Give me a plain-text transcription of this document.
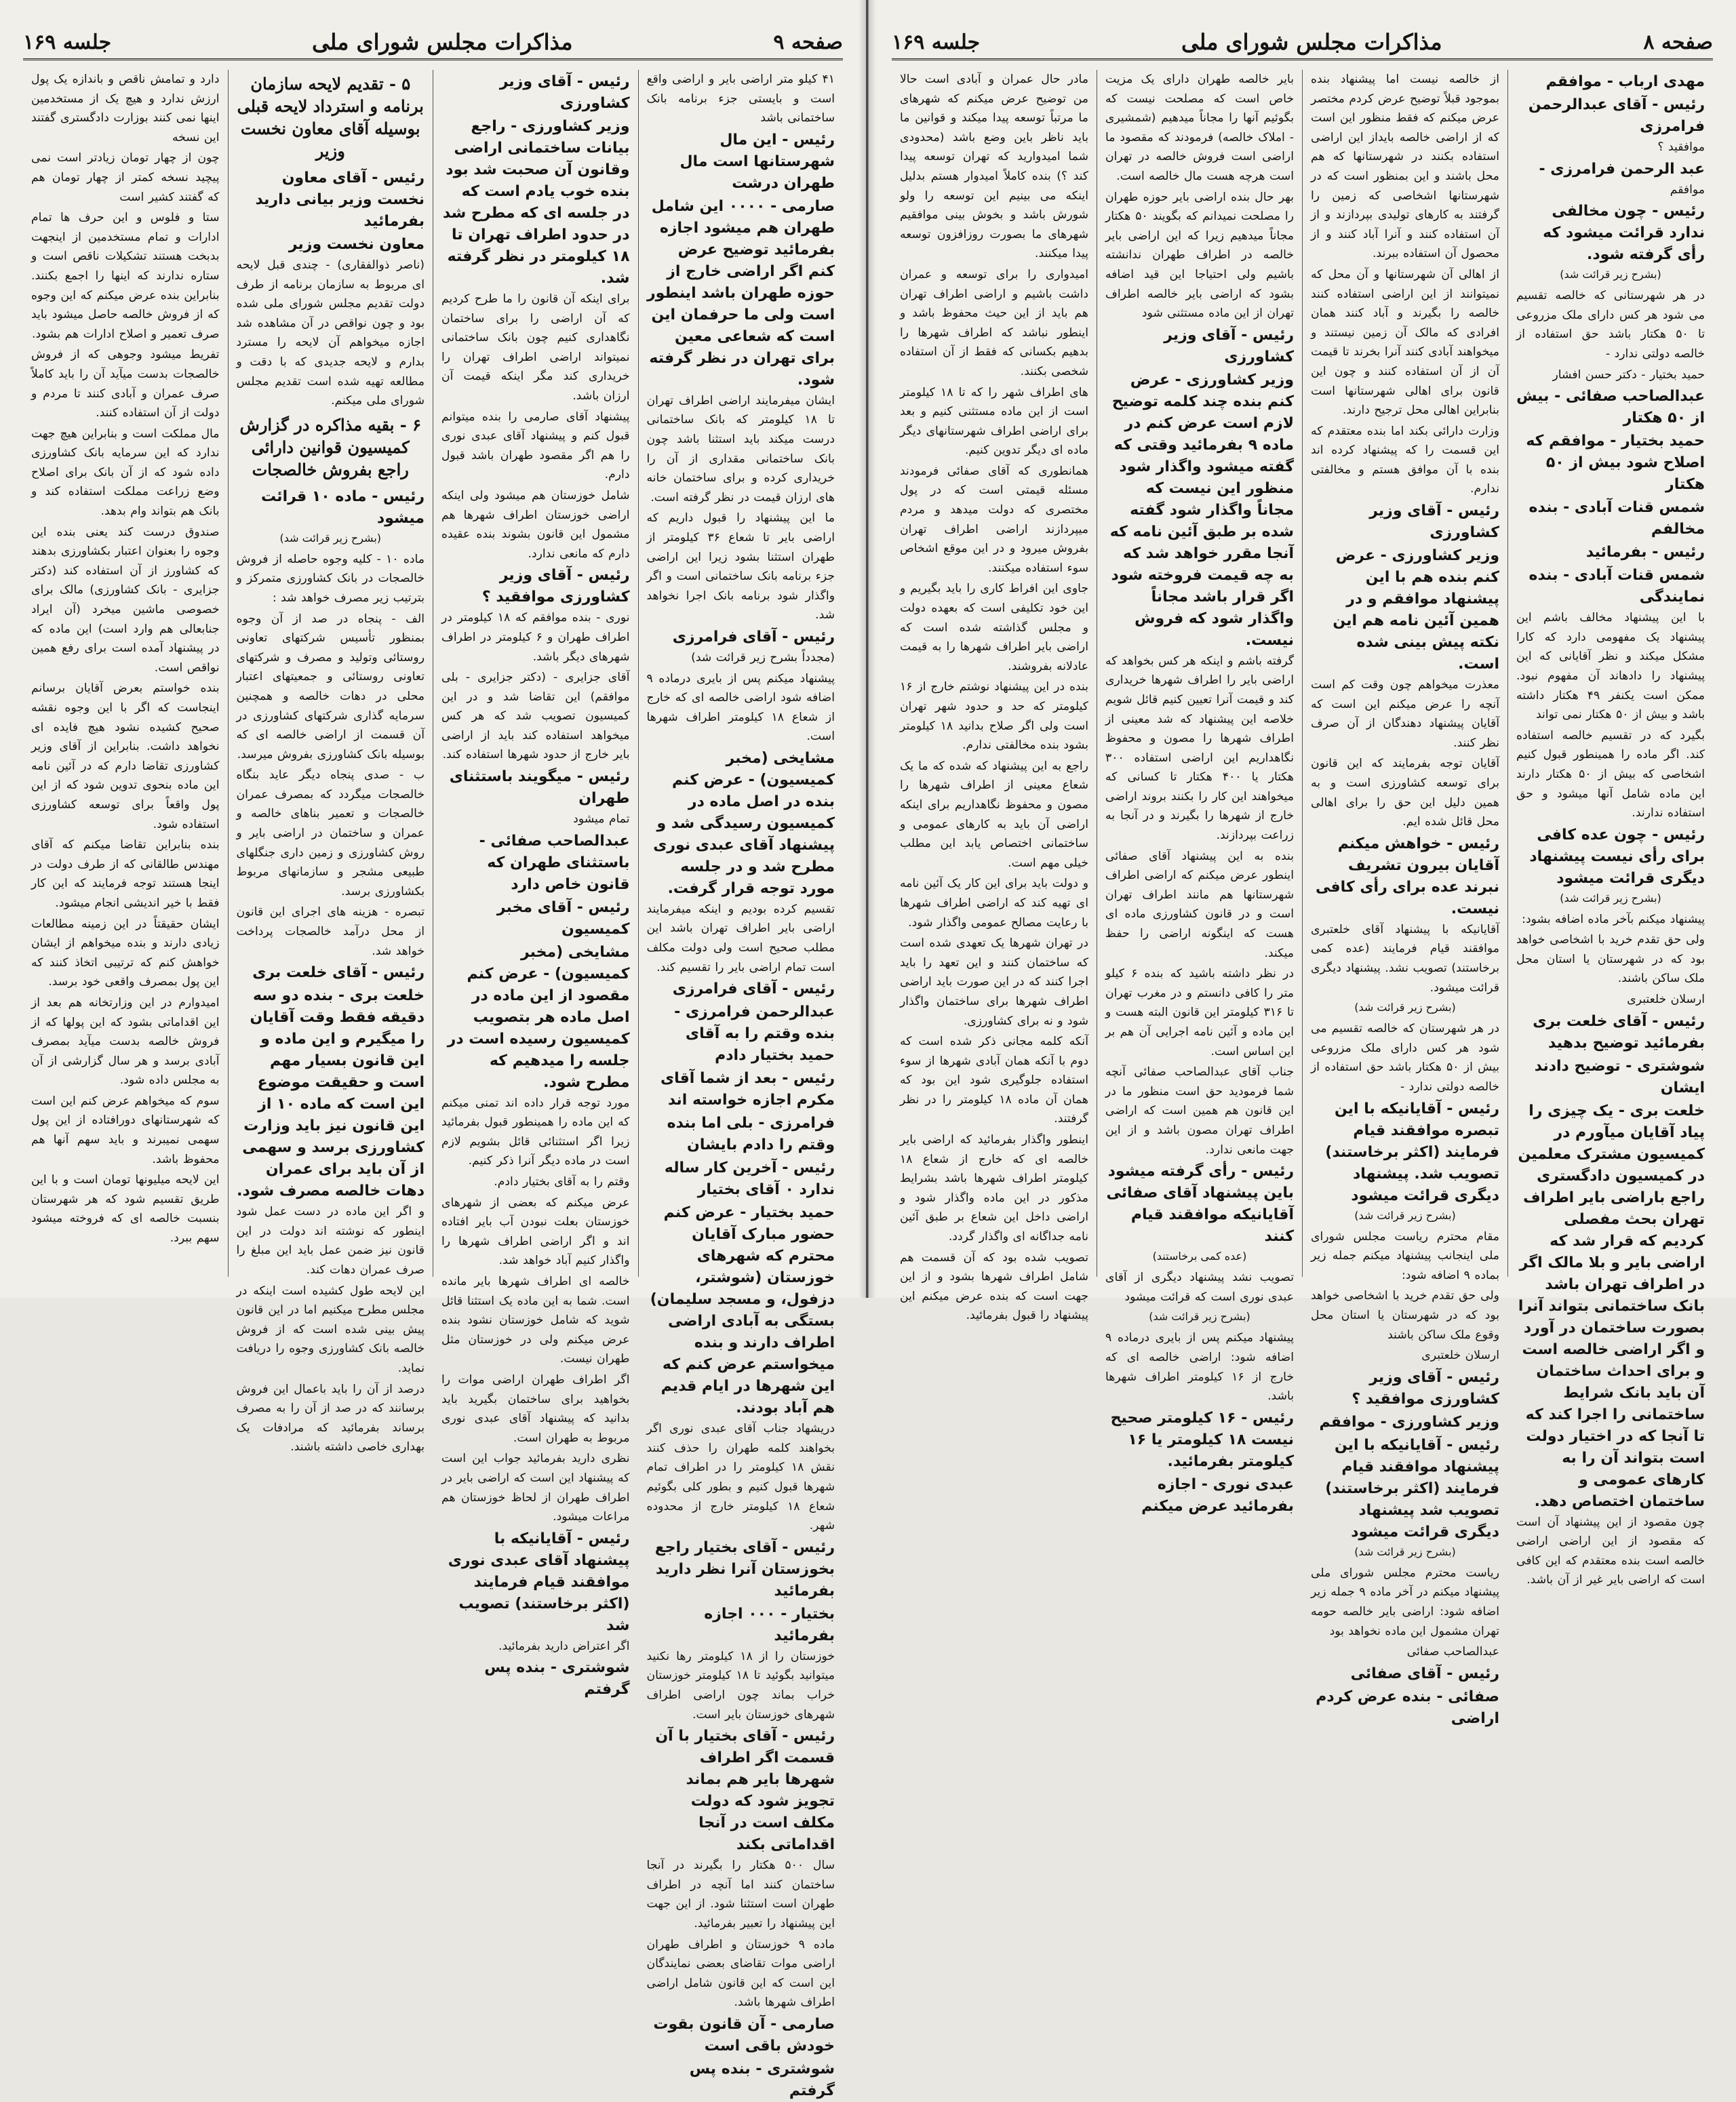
صفحه ۹
مذاکرات مجلس شورای ملی
جلسه ۱۶۹

۴۱ کیلو متر اراضی بایر و اراضی واقع است و بایستی جزء برنامه بانک ساختمانی باشد

رئیس - این مال شهرستانها است مال طهران درشت

صارمی - ۰۰۰۰ این شامل طهران هم میشود اجازه بفرمائید توضیح عرض کنم اگر اراضی خارج از حوزه طهران باشد اینطور است ولی ما حرفمان این است که شعاعی معین برای تهران در نظر گرفته شود.

ایشان میفرمایند اراضی اطراف تهران تا ۱۸ کیلومتر که بانک ساختمانی درست میکند باید استثنا باشد چون بانک ساختمانی مقداری از آن را خریداری کرده و برای ساختمان خانه های ارزان قیمت در نظر گرفته است.

ما این پیشنهاد را قبول داریم که اراضی بایر تا شعاع ۳۶ کیلومتر از طهران استثنا بشود زیرا این اراضی جزء برنامه بانک ساختمانی است و اگر واگذار شود برنامه بانک اجرا نخواهد شد.

رئیس - آقای فرامرزی

(مجدداً بشرح زیر قرائت شد)

پیشنهاد میکنم پس از بایری درماده ۹ اضافه شود اراضی خالصه ای که خارج از شعاع ۱۸ کیلومتر اطراف شهرها است.

مشایخی (مخبر کمیسیون) - عرض کنم بنده در اصل ماده در کمیسیون رسیدگی شد و پیشنهاد آقای عبدی نوری مطرح شد و در جلسه مورد توجه قرار گرفت.

تقسیم کرده بودیم و اینکه میفرمایند اراضی بایر اطراف تهران باشد این مطلب صحیح است ولی دولت مکلف است تمام اراضی بایر را تقسیم کند.

رئیس - آقای فرامرزی

عبدالرحمن فرامرزی - بنده وقتم را به آقای حمید بختیار دادم

رئیس - بعد از شما آقای مکرم اجازه خواسته اند

فرامرزی - بلی اما بنده وقتم را دادم بایشان

رئیس - آخرین کار ساله ندارد ۰ آقای بختیار

حمید بختیار - عرض کنم حضور مبارک آقایان محترم که شهرهای خوزستان (شوشتر، دزفول، و مسجد سلیمان) بستگی به آبادی اراضی اطراف دارند و بنده میخواستم عرض کنم که این شهرها در ایام قدیم هم آباد بودند.

دریشهاد جناب آقای عبدی نوری اگر بخواهند کلمه طهران را حذف کنند نقش ۱۸ کیلومتر را در اطراف تمام شهرها قبول کنیم و بطور کلی بگوئیم شعاع ۱۸ کیلومتر خارج از محدوده شهر.

رئیس - آقای بختیار راجع بخوزستان آنرا نظر دارید بفرمائید

بختیار - ۰۰۰ اجازه بفرمائید

خوزستان را از ۱۸ کیلومتر رها نکنید میتوانید بگوئید تا ۱۸ کیلومتر خوزستان خراب بماند چون اراضی اطراف شهرهای خوزستان بایر است.

رئیس - آقای بختیار با آن قسمت اگر اطراف شهرها بایر هم بماند تجویز شود که دولت مکلف است در آنجا اقداماتی بکند

سال ۵۰۰ هکتار را بگیرند در آنجا ساختمان کنند اما آنچه در اطراف طهران است استثنا شود. از این جهت این پیشنهاد را تعبیر بفرمائید.

ماده ۹ خوزستان و اطراف طهران اراضی موات تقاضای بعضی نمایندگان این است که این قانون شامل اراضی اطراف شهرها باشد.

صارمی - آن قانون بقوت خودش باقی است

شوشتری - بنده پس گرفتم

رئیس - آقای وزیر کشاورزی

وزیر کشاورزی - راجع بیانات ساختمانی اراضی وقانون آن صحبت شد بود بنده خوب یادم است که در جلسه ای که مطرح شد در حدود اطراف تهران تا ۱۸ کیلومتر در نظر گرفته شد.

برای اینکه آن قانون را ما طرح کردیم که آن اراضی را برای ساختمان نگاهداری کنیم چون بانک ساختمانی نمیتواند اراضی اطراف تهران را خریداری کند مگر اینکه قیمت آن ارزان باشد.

پیشنهاد آقای صارمی را بنده میتوانم قبول کنم و پیشنهاد آقای عبدی نوری را هم اگر مقصود طهران باشد قبول دارم.

شامل خوزستان هم میشود ولی اینکه اراضی خوزستان اطراف شهرها هم مشمول این قانون بشوند بنده عقیده دارم که مانعی ندارد.

رئیس - آقای وزیر کشاورزی موافقید ؟

نوری - بنده موافقم که ۱۸ کیلومتر در اطراف طهران و ۶ کیلومتر در اطراف شهرهای دیگر باشد.

آقای جزایری - (دکتر جزایری - بلی موافقم) این تقاضا شد و در این کمیسیون تصویب شد که هر کس میخواهد استفاده کند باید از اراضی بایر خارج از حدود شهرها استفاده کند.

رئیس - میگویند باستثنای طهران

تمام میشود

عبدالصاحب صفائی - باستثنای طهران که قانون خاص دارد

رئیس - آقای مخبر کمیسیون

مشایخی (مخبر کمیسیون) - عرض کنم مقصود از این ماده در اصل ماده هر بتصویب کمیسیون رسیده است در جلسه را میدهیم که مطرح شود.

مورد توجه قرار داده اند تمنی میکنم که این ماده را همینطور قبول بفرمائید زیرا اگر استثنائی قائل بشویم لازم است در ماده دیگر آنرا ذکر کنیم.

وقتم را به آقای بختیار دادم.

عرض میکنم که بعضی از شهرهای خوزستان بعلت نبودن آب بایر افتاده اند و اگر اراضی اطراف شهرها را واگذار کنیم آباد خواهد شد.

خالصه ای اطراف شهرها بایر مانده است. شما به این ماده یک استثنا قائل شوید که شامل خوزستان نشود بنده عرض میکنم ولی در خوزستان مثل طهران نیست.

اگر اطراف طهران اراضی موات را بخواهید برای ساختمان بگیرید باید بدانید که پیشنهاد آقای عبدی نوری مربوط به طهران است.

نظری دارید بفرمائید جواب این است که پیشنهاد این است که اراضی بایر در اطراف طهران از لحاظ خوزستان هم مراعات میشود.

رئیس - آقایانیکه با پیشنهاد آقای عبدی نوری موافقند قیام فرمایند (اکثر برخاستند) تصویب شد

اگر اعتراض دارید بفرمائید.

شوشتری - بنده پس گرفتم

۵ - تقدیم لایحه سازمان برنامه و استرداد لایحه قبلی بوسیله آقای معاون نخست وزیر

رئیس - آقای معاون نخست وزیر بیانی دارید بفرمائید

معاون نخست وزیر

(ناصر ذوالفقاری) - چندی قبل لایحه ای مربوط به سازمان برنامه از طرف دولت تقدیم مجلس شورای ملی شده بود و چون نواقص در آن مشاهده شد اجازه میخواهم آن لایحه را مسترد بدارم و لایحه جدیدی که با دقت و مطالعه تهیه شده است تقدیم مجلس شورای ملی میکنم.

۶ - بقیه مذاکره در گزارش کمیسیون قوانین دارائی راجع بفروش خالصجات

رئیس - ماده ۱۰ قرائت میشود

(بشرح زیر قرائت شد)

ماده ۱۰ - کلیه وجوه حاصله از فروش خالصجات در بانک کشاورزی متمرکز و بترتیب زیر مصرف خواهد شد :

الف - پنجاه در صد از آن وجوه بمنظور تأسیس شرکتهای تعاونی روستائی وتولید و مصرف و شرکتهای تعاونی روستائی و جمعیتهای اعتبار محلی در دهات خالصه و همچنین سرمایه گذاری شرکتهای کشاورزی در آن قسمت از اراضی خالصه ای که بوسیله بانک کشاورزی بفروش میرسد.

ب - صدی پنجاه دیگر عاید بنگاه خالصجات میگردد که بمصرف عمران خالصجات و تعمیر بناهای خالصه و عمران و ساختمان در اراضی بایر و روش کشاورزی و زمین داری جنگلهای طبیعی مشجر و سازمانهای مربوط بکشاورزی برسد.

تبصره - هزینه های اجرای این قانون از محل درآمد خالصجات پرداخت خواهد شد.

رئیس - آقای خلعت بری

خلعت بری - بنده دو سه دقیقه فقط وقت آقایان را میگیرم و این ماده و این قانون بسیار مهم است و حقیقت موضوع این است که ماده ۱۰ از این قانون نیز باید وزارت کشاورزی برسد و سهمی از آن باید برای عمران دهات خالصه مصرف شود.

و اگر این ماده در دست عمل شود اینطور که نوشته اند دولت در این قانون نیز ضمن عمل باید این مبلغ را صرف عمران دهات کند.

این لایحه طول کشیده است اینکه در مجلس مطرح میکنیم اما در این قانون پیش بینی شده است که از فروش خالصه بانک کشاورزی وجوه را دریافت نماید.

درصد از آن را باید باعمال این فروش برسانند که در صد از آن را به مصرف برساند بفرمائید که مرادفات یک بهداری خاصی داشته باشند.

دارد و تمامش ناقص و باندازه یک پول ارزش ندارد و هیچ یک از مستخدمین اینها نمی کنند بوزارت دادگستری گفتند این نسخه

چون از چهار تومان زیادتر است نمی پیچید نسخه کمتر از چهار تومان هم که گفتند کشیر است

ستا و فلوس و این حرف ها تمام ادارات و تمام مستخدمین از اینجهت بدبخت هستند تشکیلات ناقص است و ستاره ندارند که اینها را اجمع بکنند. بنابراین بنده عرض میکنم که این وجوه که از فروش خالصه حاصل میشود باید صرف تعمیر و اصلاح ادارات هم بشود.

تفریط میشود وجوهی که از فروش خالصجات بدست میآید آن را باید کاملاً صرف عمران و آبادی کنند تا مردم و دولت از آن استفاده کنند.

مال مملکت است و بنابراین هیچ جهت ندارد که این سرمایه بانک کشاورزی داده شود که از آن بانک برای اصلاح وضع زراعت مملکت استفاده کند و بانک هم بتواند وام بدهد.

صندوق درست کند یعنی بنده این وجوه را بعنوان اعتبار بکشاورزی بدهند که کشاورز از آن استفاده کند (دکتر جزایری - بانک کشاورزی) مالک برای خصوصی ماشین میخرد (آن ایراد جنابعالی هم وارد است) این ماده که در پیشنهاد آمده است برای رفع همین نواقص است.

بنده خواستم بعرض آقایان برسانم اینجاست که اگر با این وجوه نقشه صحیح کشیده نشود هیچ فایده ای نخواهد داشت. بنابراین از آقای وزیر کشاورزی تقاضا دارم که در آئین نامه این ماده بنحوی تدوین شود که از این پول واقعاً برای توسعه کشاورزی استفاده شود.

بنده بنابراین تقاضا میکنم که آقای مهندس طالقانی که از طرف دولت در اینجا هستند توجه فرمایند که این کار فقط با خیر اندیشی انجام میشود.

ایشان حقیقتاً در این زمینه مطالعات زیادی دارند و بنده میخواهم از ایشان خواهش کنم که ترتیبی اتخاذ کنند که این پول بمصرف واقعی خود برسد.

امیدوارم در این وزارتخانه هم بعد از این اقداماتی بشود که این پولها که از فروش خالصه بدست میآید بمصرف آبادی برسد و هر سال گزارشی از آن به مجلس داده شود.

سوم که میخواهم عرض کنم این است که شهرستانهای دورافتاده از این پول سهمی نمیبرند و باید سهم آنها هم محفوظ باشد.

این لایحه میلیونها تومان است و با این طریق تقسیم شود که هر شهرستان بنسبت خالصه ای که فروخته میشود سهم ببرد.

صفحه ۸
مذاکرات مجلس شورای ملی
جلسه ۱۶۹

مهدی ارباب - موافقم

رئیس - آقای عبدالرحمن فرامرزی

موافقید ؟

عبد الرحمن فرامرزی -

موافقم

رئیس - چون مخالفی ندارد قرائت میشود که رأی گرفته شود.

(بشرح زیر قرائت شد)

در هر شهرستانی که خالصه تقسیم می شود هر کس دارای ملک مزروعی تا ۵۰ هکتار باشد حق استفاده از خالصه دولتی ندارد -

حمید بختیار - دکتر حسن افشار

عبدالصاحب صفائی - بیش از ۵۰ هکتار

حمید بختیار - موافقم که اصلاح شود بیش از ۵۰ هکتار

شمس قنات آبادی - بنده مخالفم

رئیس - بفرمائید

شمس قنات آبادی - بنده نمایندگی

با این پیشنهاد مخالف باشم این پیشنهاد یک مفهومی دارد که کارا مشکل میکند و نظر آقایانی که این پیشنهاد را دادهاند آن مفهوم نبود. ممکن است یکنفر ۴۹ هکتار داشته باشد و بیش از ۵۰ هکتار نمی تواند

بگیرد که در تقسیم خالصه استفاده کند. اگر ماده را همینطور قبول کنیم اشخاصی که بیش از ۵۰ هکتار دارند این ماده شامل آنها میشود و حق استفاده ندارند.

رئیس - چون عده کافی برای رأی نیست پیشنهاد دیگری قرائت میشود

(بشرح زیر قرائت شد)

پیشنهاد میکنم بآخر ماده اضافه بشود:

ولی حق تقدم خرید با اشخاصی خواهد بود که در شهرستان یا استان محل ملک ساکن باشند.

ارسلان خلعتبری

رئیس - آقای خلعت بری بفرمائید توضیح بدهید

شوشتری - توضیح دادند ایشان

خلعت بری - یک چیزی را پیاد آقایان میآورم در کمیسیون مشترک معلمین در کمیسیون دادگستری راجع باراضی بایر اطراف تهران بحث مفصلی کردیم که قرار شد که اراضی بایر و بلا مالک اگر در اطراف تهران باشد بانک ساختمانی بتواند آنرا بصورت ساختمان در آورد و اگر اراضی خالصه است و برای احداث ساختمان آن باید بانک شرایط ساختمانی را اجرا کند که تا آنجا که در اختیار دولت است بتواند آن را به کارهای عمومی و ساختمان اختصاص دهد.

چون مقصود از این پیشنهاد آن است که مقصود از این اراضی اراضی خالصه است بنده معتقدم که این کافی است که اراضی بایر غیر از آن باشد.

از خالصه نیست اما پیشنهاد بنده بموجود قبلاً توضیح عرض کردم مختصر عرض میکنم که فقط منظور این است که از اراضی خالصه بایداز این اراضی استفاده بکنند در شهرستانها که هم محل باشند و این بمنظور است که در شهرستانها اشخاصی که زمین را گرفتند به کارهای تولیدی بپردازند و از آن استفاده کنند و آنرا آباد کنند و از محصول آن استفاده ببرند.

از اهالی آن شهرستانها و آن محل که نمیتوانند از این اراضی استفاده کنند خالصه را بگیرند و آباد کنند همان افرادی که مالک آن زمین نیستند و میخواهند آبادی کنند آنرا بخرند تا قیمت آن از آن استفاده کنند و چون این قانون برای اهالی شهرستانها است بنابراین اهالی محل ترجیح دارند.

وزارت دارائی بکند اما بنده معتقدم که این قسمت را که پیشنهاد کرده اند بنده با آن موافق هستم و مخالفتی ندارم.

رئیس - آقای وزیر کشاورزی

وزیر کشاورزی - عرض کنم بنده هم با این پیشنهاد موافقم و در همین آئین نامه هم این نکته پیش بینی شده است.

معذرت میخواهم چون وقت کم است آنچه را عرض میکنم این است که آقایان پیشنهاد دهندگان از آن صرف نظر کنند.

آقایان توجه بفرمایند که این قانون برای توسعه کشاورزی است و به همین دلیل این حق را برای اهالی محل قائل شده ایم.

رئیس - خواهش میکنم آقایان بیرون تشریف نبرند عده برای رأی کافی نیست.

آقایانیکه با پیشنهاد آقای خلعتبری موافقند قیام فرمایند (عده کمی برخاستند) تصویب نشد. پیشنهاد دیگری قرائت میشود.

(بشرح زیر قرائت شد)

در هر شهرستان که خالصه تقسیم می شود هر کس دارای ملک مزروعی بیش از ۵۰ هکتار باشد حق استفاده از خالصه دولتی ندارد -

رئیس - آقایانیکه با این تبصره موافقند قیام فرمایند (اکثر برخاستند) تصویب شد. پیشنهاد دیگری قرائت میشود

(بشرح زیر قرائت شد)

مقام محترم ریاست مجلس شورای ملی اینجانب پیشنهاد میکنم جمله زیر بماده ۹ اضافه شود:

ولی حق تقدم خرید با اشخاصی خواهد بود که در شهرستان یا استان محل وقوع ملک ساکن باشند

ارسلان خلعتبری

رئیس - آقای وزیر کشاورزی موافقید ؟

وزیر کشاورزی - موافقم

رئیس - آقایانیکه با این پیشنهاد موافقند قیام فرمایند (اکثر برخاستند) تصویب شد پیشنهاد دیگری قرائت میشود

(بشرح زیر قرائت شد)

ریاست محترم مجلس شورای ملی پیشنهاد میکنم در آخر ماده ۹ جمله زیر اضافه شود: اراضی بایر خالصه حومه تهران مشمول این ماده نخواهد بود

عبدالصاحب صفائی

رئیس - آقای صفائی

صفائی - بنده عرض کردم اراضی

بایر خالصه طهران دارای یک مزیت خاص است که مصلحت نیست که بگوئیم آنها را مجاناً میدهیم (شمشیری - املاک خالصه) فرمودند که مقصود ما اراضی است فروش خالصه در تهران است هرچه هست مال خالصه است.

بهر حال بنده اراضی بایر حوزه طهران را مصلحت نمیدانم که بگویند ۵۰ هکتار مجاناً میدهیم زیرا که این اراضی بایر خالصه در اطراف طهران ندانشته باشیم ولی احتیاجا این قید اضافه بشود که اراضی بایر خالصه اطراف تهران از این ماده مستثنی شود

رئیس - آقای وزیر کشاورزی

وزیر کشاورزی - عرض کنم بنده چند کلمه توضیح لازم است عرض کنم در ماده ۹ بفرمائید وقتی که گفته میشود واگذار شود منظور این نیست که مجاناً واگذار شود گفته شده بر طبق آئین نامه که آنجا مقرر خواهد شد که به چه قیمت فروخته شود اگر قرار باشد مجاناً واگذار شود که فروش نیست.

گرفته باشم و اینکه هر کس بخواهد که اراضی بایر را اطراف شهرها خریداری کند و قیمت آنرا تعیین کنیم قائل شویم خلاصه این پیشنهاد که شد معینی از اطراف شهرها را مصون و محفوظ نگاهداریم این اراضی استفاده ۳۰۰ هکتار یا ۴۰۰ هکتار تا کسانی که میخواهند این کار را بکنند بروند اراضی خارج از شهرها را بگیرند و در آنجا به زراعت بپردازند.

بنده به این پیشنهاد آقای صفائی اینطور عرض میکنم که اراضی اطراف شهرستانها هم مانند اطراف تهران است و در قانون کشاورزی ماده ای هست که اینگونه اراضی را حفظ میکند.

در نظر داشته باشید که بنده ۶ کیلو متر را کافی دانستم و در مغرب تهران تا ۳۱۶ کیلومتر این قانون البته هست و این ماده و آئین نامه اجرایی آن هم بر این اساس است.

جناب آقای عبدالصاحب صفائی آنچه شما فرمودید حق است منظور ما در این قانون هم همین است که اراضی اطراف تهران مصون باشد و از این جهت مانعی ندارد.

رئیس - رأی گرفته میشود باین پیشنهاد آقای صفائی آقایانیکه موافقند قیام کنند

(عده کمی برخاستند)

تصویب نشد پیشنهاد دیگری از آقای عبدی نوری است که قرائت میشود

(بشرح زیر قرائت شد)

پیشنهاد میکنم پس از بایری درماده ۹ اضافه شود: اراضی خالصه ای که خارج از ۱۶ کیلومتر اطراف شهرها باشد.

رئیس - ۱۶ کیلومتر صحیح نیست ۱۸ کیلومتر یا ۱۶ کیلومتر بفرمائید.

عبدی نوری - اجازه بفرمائید عرض میکنم

مادر حال عمران و آبادی است حالا من توضیح عرض میکنم که شهرهای ما مرتباً توسعه پیدا میکند و قوانین ما باید ناظر باین وضع باشد (محدودی شما امیدوارید که تهران توسعه پیدا کند ؟) بنده کاملاً امیدوار هستم بدلیل اینکه می بینیم این توسعه را ولو شورش باشد و بخوش بینی موافقیم شهرهای ما بصورت روزافزون توسعه پیدا میکنند.

امیدواری را برای توسعه و عمران داشت باشیم و اراضی اطراف تهران هم باید از این حیث محفوظ باشد و اینطور نباشد که اطراف شهرها را بدهیم بکسانی که فقط از آن استفاده شخصی بکنند.

های اطراف شهر را که تا ۱۸ کیلومتر است از این ماده مستثنی کنیم و بعد برای اراضی اطراف شهرستانهای دیگر ماده ای دیگر تدوین کنیم.

همانطوری که آقای صفائی فرمودند مسئله قیمتی است که در پول مختصری که دولت میدهد و مردم میپردازند اراضی اطراف تهران بفروش میرود و در این موقع اشخاص سوء استفاده میکنند.

جاوی این افراط کاری را باید بگیریم و این خود تکلیفی است که بعهده دولت و مجلس گذاشته شده است که اراضی بایر اطراف شهرها را به قیمت عادلانه بفروشند.

بنده در این پیشنهاد نوشتم خارج از ۱۶ کیلومتر که حد و حدود شهر تهران است ولی اگر صلاح بدانید ۱۸ کیلومتر بشود بنده مخالفتی ندارم.

راجع به این پیشنهاد که شده که ما یک شعاع معینی از اطراف شهرها را مصون و محفوظ نگاهداریم برای اینکه اراضی آن باید به کارهای عمومی و ساختمانی اختصاص یابد این مطلب خیلی مهم است.

و دولت باید برای این کار یک آئین نامه ای تهیه کند که اراضی اطراف شهرها با رعایت مصالح عمومی واگذار شود.

در تهران شهرها یک تعهدی شده است که ساختمان کنند و این تعهد را باید اجرا کنند که در این صورت باید اراضی اطراف شهرها برای ساختمان واگذار شود و نه برای کشاورزی.

آنکه کلمه مجانی ذکر شده است که دوم با آنکه همان آبادی شهرها از سوء استفاده جلوگیری شود این بود که همان آن ماده ۱۸ کیلومتر را در نظر گرفتند.

اینطور واگذار بفرمائید که اراضی بایر خالصه ای که خارج از شعاع ۱۸ کیلومتر اطراف شهرها باشد بشرایط مذکور در این ماده واگذار شود و اراضی داخل این شعاع بر طبق آئین نامه جداگانه ای واگذار گردد.

تصویب شده بود که آن قسمت هم شامل اطراف شهرها بشود و از این جهت است که بنده عرض میکنم این پیشنهاد را قبول بفرمائید.
